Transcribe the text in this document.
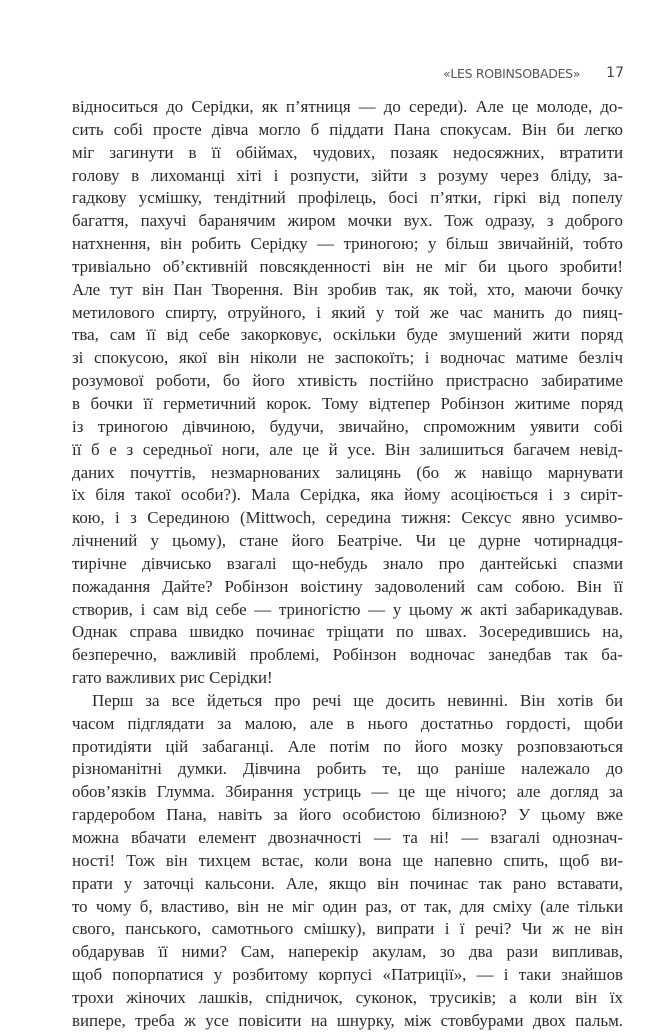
«LES ROBINSOBADES» 17
відноситься до Серідки, як п’ятниця — до середи). Але це молоде, до-
сить собі просте дівча могло б піддати Пана спокусам. Він би легко
міг загинути в її обіймах, чудових, позаяк недосяжних, втратити
голову в лихоманці хіті і розпусти, зійти з розуму через бліду, за-
гадкову усмішку, тендітний профілець, босі п’ятки, гіркі від попелу
багаття, пахучі баранячим жиром мочки вух. Тож одразу, з доброго
натхнення, він робить Серідку — триногою; у більш звичайній, тобто
тривіально об’єктивній повсякденності він не міг би цього зробити!
Але тут він Пан Творення. Він зробив так, як той, хто, маючи бочку
метилового спирту, отруйного, і який у той же час манить до пияц-
тва, сам її від себе закорковує, оскільки буде змушений жити поряд
зі спокусою, якої він ніколи не заспокоїть; і водночас матиме безліч
розумової роботи, бо його хтивість постійно пристрасно забиратиме
в бочки її герметичний корок. Тому відтепер Робінзон житиме поряд
із триногою дівчиною, будучи, звичайно, спроможним уявити собі
її б е з середньої ноги, але це й усе. Він залишиться багачем невід-
даних почуттів, незмарнованих залицянь (бо ж навіщо марнувати
їх біля такої особи?). Мала Серідка, яка йому асоціюється і з сиріт-
кою, і з Серединою (Mittwoch, середина тижня: Сексус явно усимво-
лічнений у цьому), стане його Беатріче. Чи це дурне чотирнадця-
тирічне дівчисько взагалі що-небудь знало про дантейські спазми
пожадання Дайте? Робінзон воістину задоволений сам собою. Він її
створив, і сам від себе — триногістю — у цьому ж акті забарикадував.
Однак справа швидко починає тріщати по швах. Зосередившись на,
безперечно, важливій проблемі, Робінзон водночас занедбав так ба-
гато важливих рис Серідки!
Перш за все йдеться про речі ще досить невинні. Він хотів би
часом підглядати за малою, але в нього достатньо гордості, щоби
протидіяти цій забаганці. Але потім по його мозку розповзаються
різноманітні думки. Дівчина робить те, що раніше належало до
обов’язків Глумма. Збирання устриць — це ще нічого; але догляд за
гардеробом Пана, навіть за його особистою білизною? У цьому вже
можна вбачати елемент двозначності — та ні! — взагалі однознач-
ності! Тож він тихцем встає, коли вона ще напевно спить, щоб ви-
прати у заточці кальсони. Але, якщо він починає так рано вставати,
то чому б, властиво, він не міг один раз, от так, для сміху (але тільки
свого, панського, самотнього смішку), випрати і ї речі? Чи ж не він
обдарував її ними? Сам, наперекір акулам, зо два рази випливав,
щоб попорпатися у розбитому корпусі «Патриції», — і таки знайшов
трохи жіночих лашків, спідничок, суконок, трусиків; а коли він їх
випере, треба ж усе повісити на шнурку, між стовбурами двох пальм.
